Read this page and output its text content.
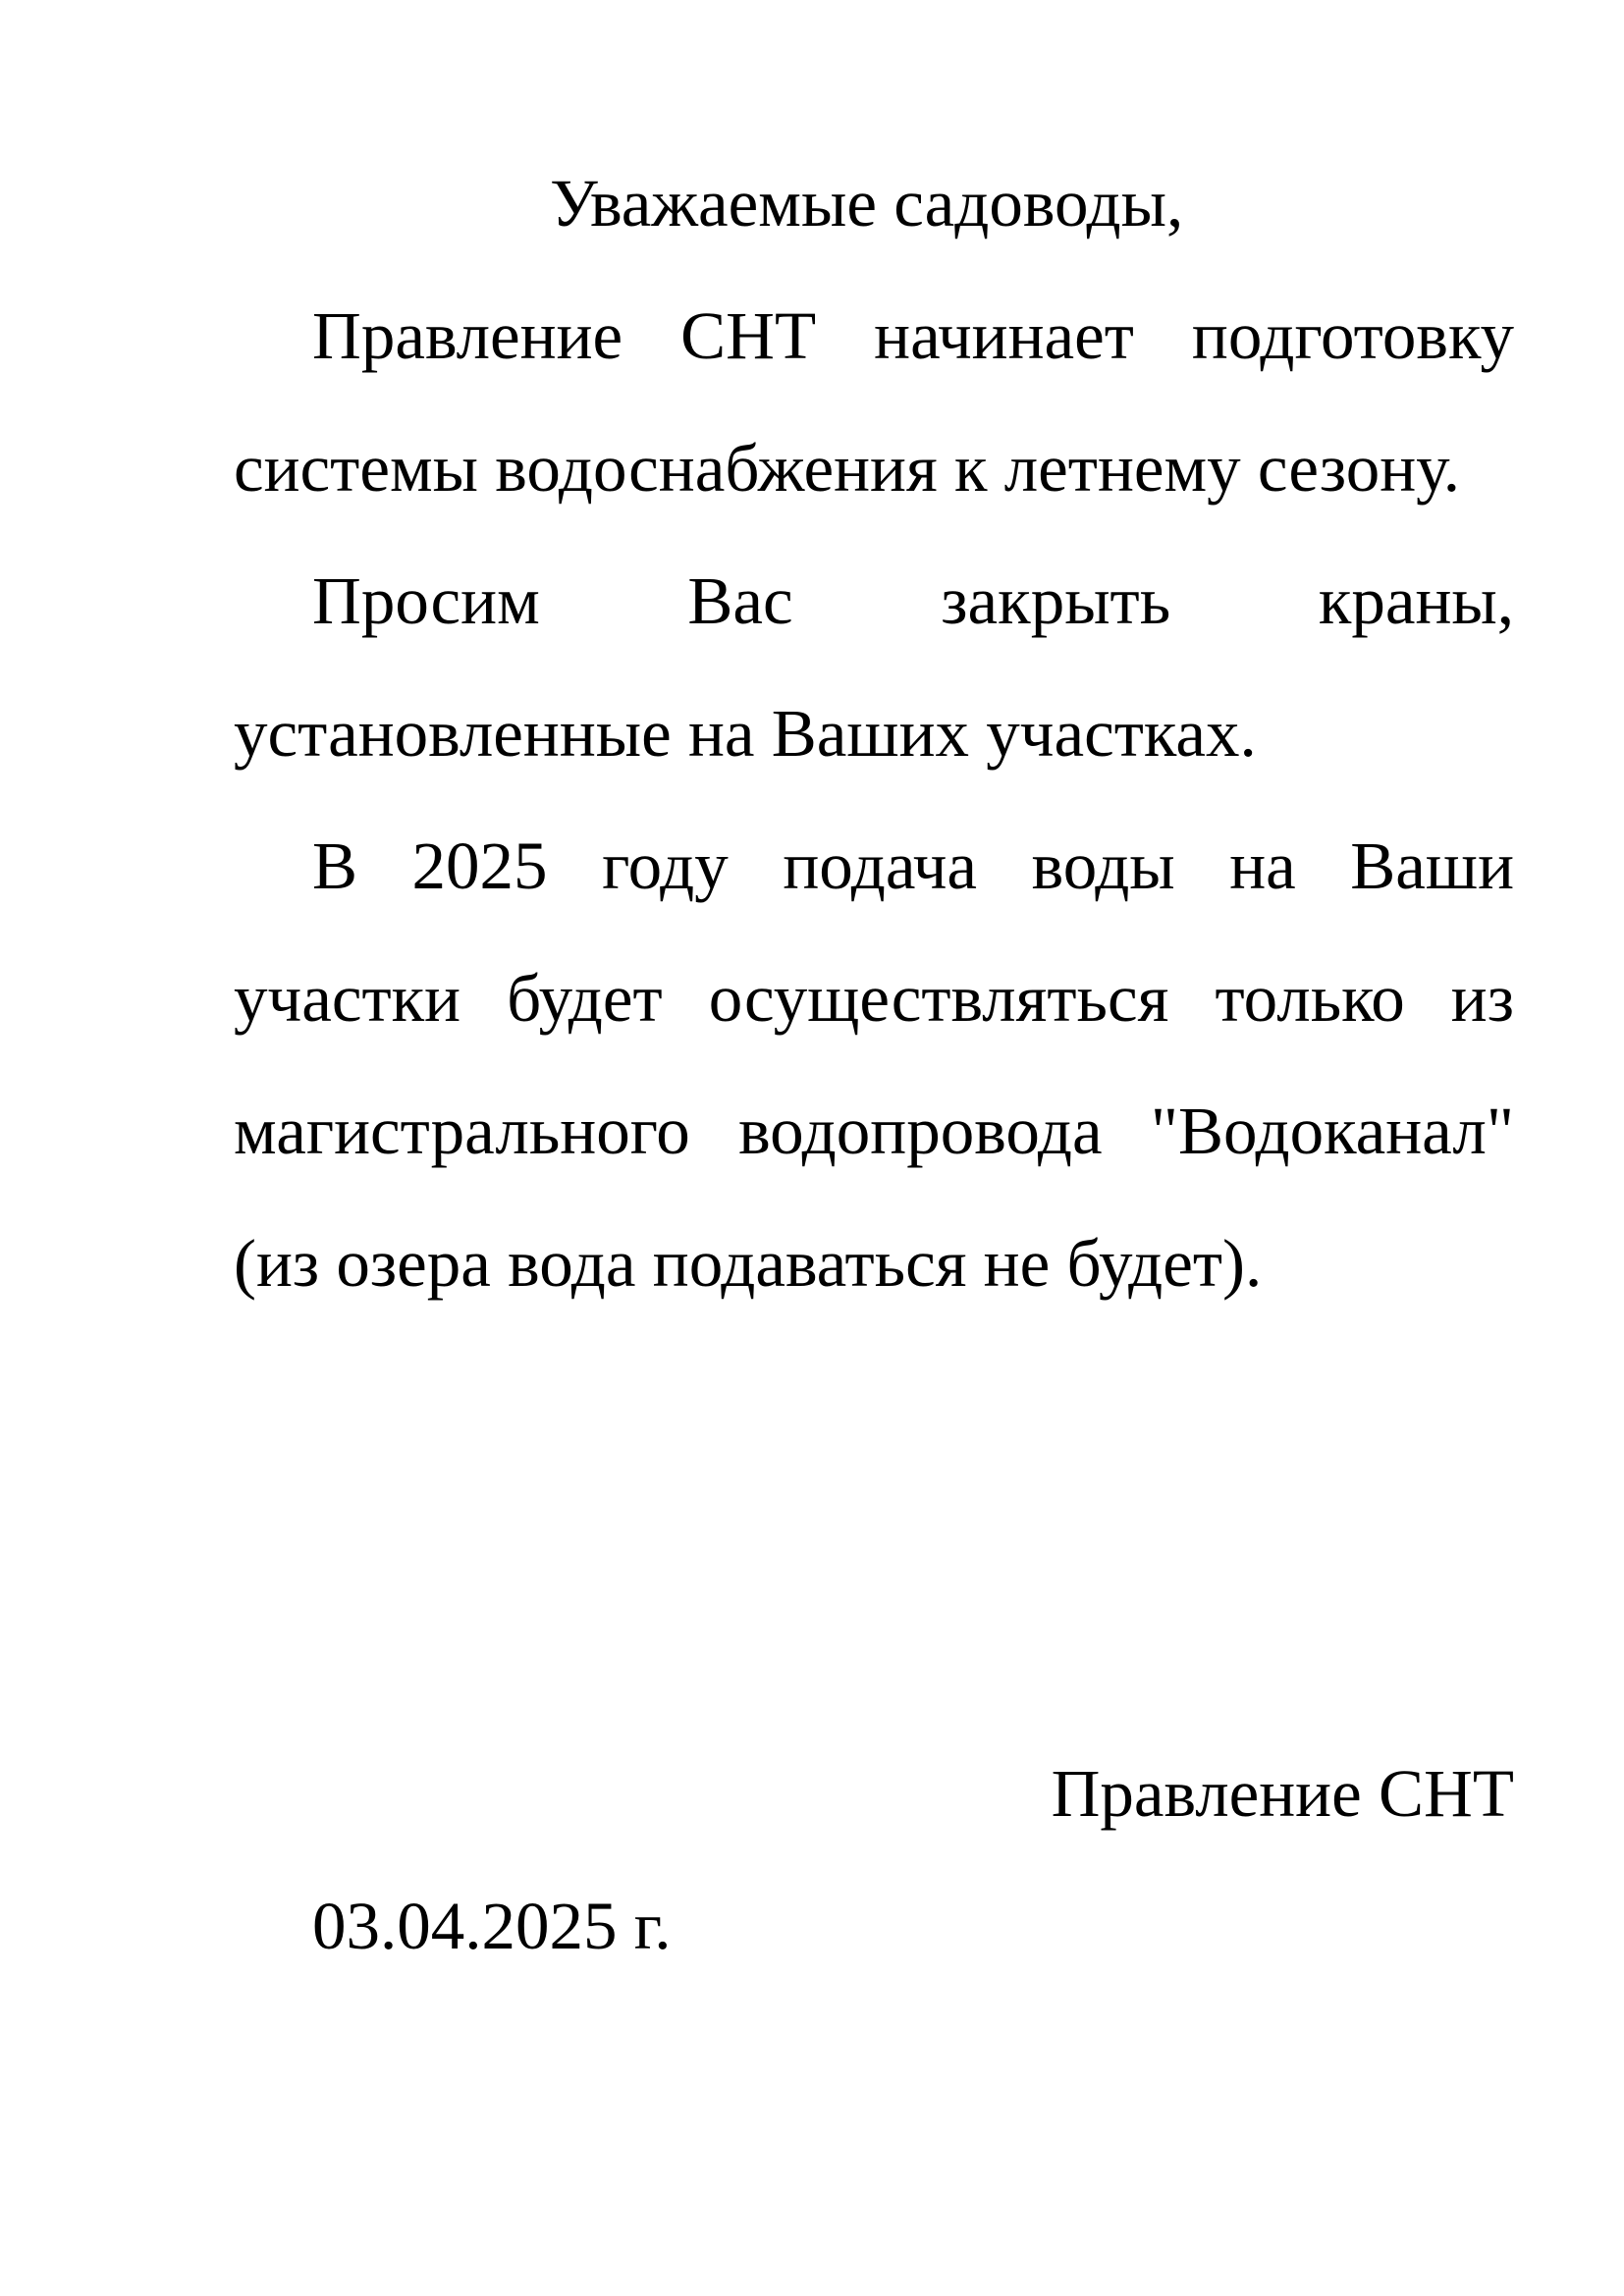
Уважаемые садоводы,

Правление СНТ начинает подготовку системы водоснабжения к летнему сезону.

Просим Вас закрыть краны, установленные на Ваших участках.

В 2025 году подача воды на Ваши участки будет осуществляться только из магистрального водопровода "Водоканал" (из озера вода подаваться не будет).

Правление СНТ
03.04.2025 г.
